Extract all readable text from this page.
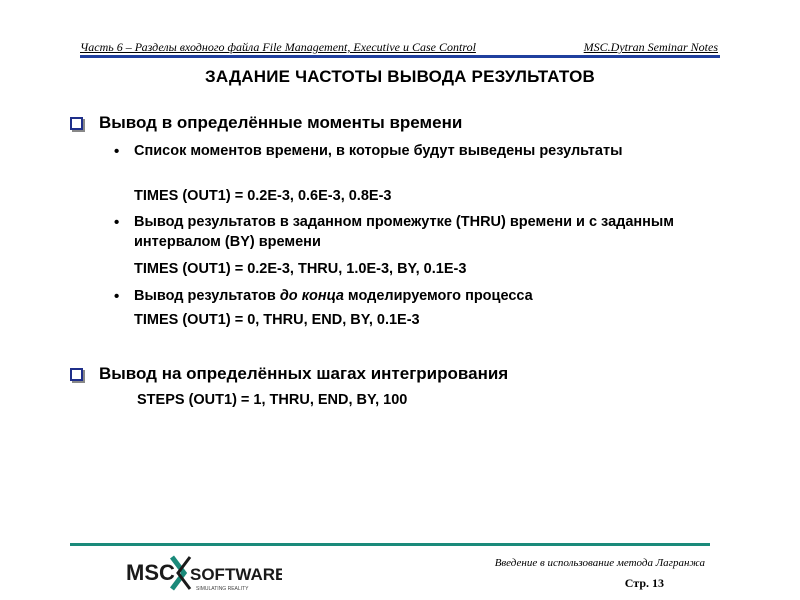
Часть 6 – Разделы входного файла File Management, Executive и Case Control	MSC.Dytran Seminar Notes
ЗАДАНИЕ ЧАСТОТЫ ВЫВОДА РЕЗУЛЬТАТОВ
Вывод в определённые моменты времени
• Список моментов времени, в которые будут выведены результаты
TIMES (OUT1) = 0.2E-3, 0.6E-3, 0.8E-3
• Вывод результатов в заданном промежутке (THRU) времени и с заданным интервалом (BY) времени
TIMES (OUT1) = 0.2E-3, THRU, 1.0E-3, BY, 0.1E-3
• Вывод результатов до конца моделируемого процесса
TIMES (OUT1) = 0, THRU, END, BY, 0.1E-3
Вывод на определённых шагах интегрирования
STEPS (OUT1) = 1, THRU, END, BY, 100
MSC SOFTWARE
SIMULATING REALITY
Введение в использование метода Лагранжа
Стр. 13
